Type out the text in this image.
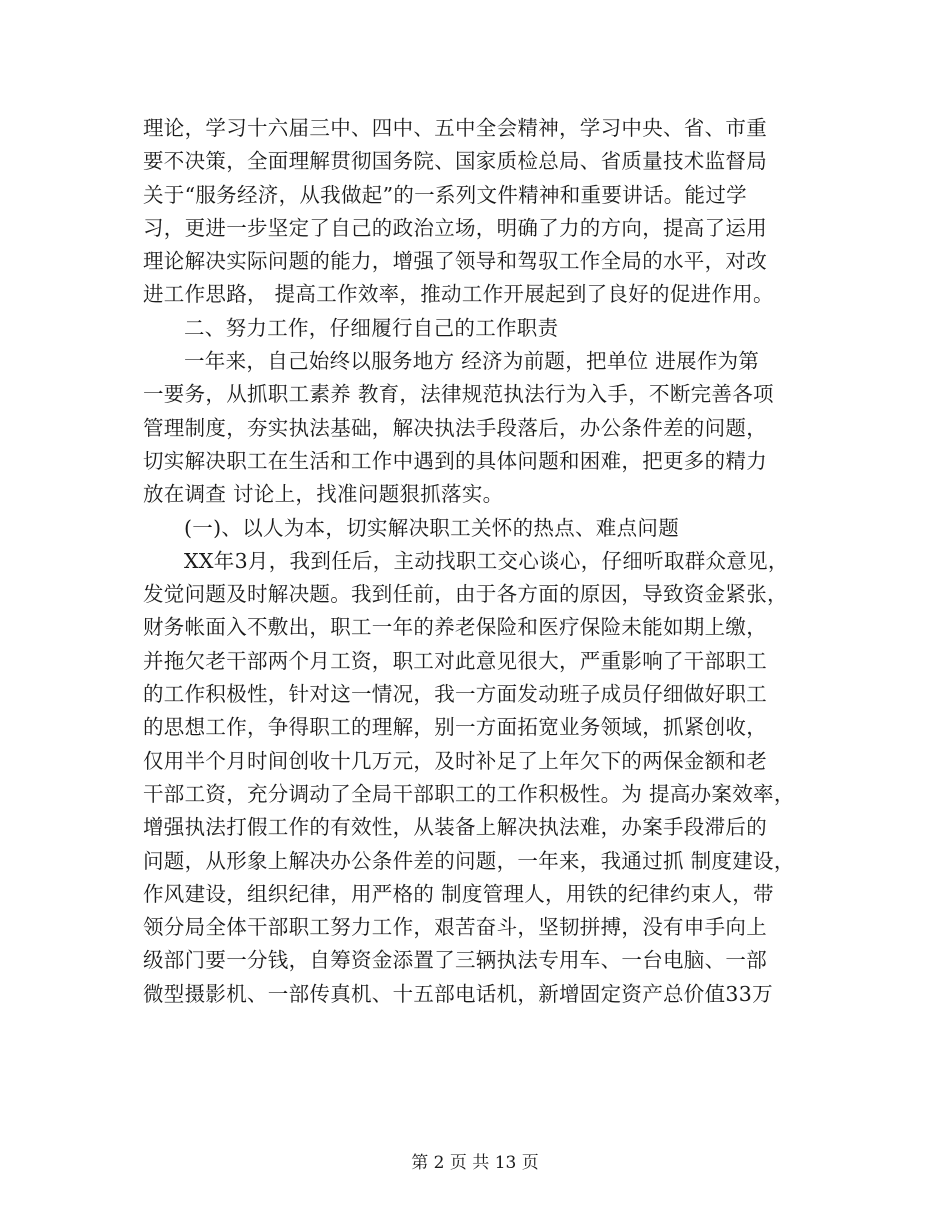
理论，学习十六届三中、四中、五中全会精神，学习中央、省、市重
要不决策，全面理解贯彻国务院、国家质检总局、省质量技术监督局
关于“服务经济，从我做起”的一系列文件精神和重要讲话。能过学
习，更进一步坚定了自己的政治立场，明确了力的方向，提高了运用
理论解决实际问题的能力，增强了领导和驾驭工作全局的水平，对改
进工作思路， 提高工作效率，推动工作开展起到了良好的促进作用。
二、努力工作，仔细履行自己的工作职责
一年来，自己始终以服务地方 经济为前题，把单位 进展作为第
一要务，从抓职工素养 教育，法律规范执法行为入手，不断完善各项
管理制度，夯实执法基础，解决执法手段落后，办公条件差的问题，
切实解决职工在生活和工作中遇到的具体问题和困难，把更多的精力
放在调查 讨论上，找准问题狠抓落实。
(一)、以人为本，切实解决职工关怀的热点、难点问题
XX年3月，我到任后，主动找职工交心谈心，仔细听取群众意见，
发觉问题及时解决题。我到任前，由于各方面的原因，导致资金紧张，
财务帐面入不敷出，职工一年的养老保险和医疗保险未能如期上缴，
并拖欠老干部两个月工资，职工对此意见很大，严重影响了干部职工
的工作积极性，针对这一情况，我一方面发动班子成员仔细做好职工
的思想工作，争得职工的理解，别一方面拓宽业务领域，抓紧创收，
仅用半个月时间创收十几万元，及时补足了上年欠下的两保金额和老
干部工资，充分调动了全局干部职工的工作积极性。为 提高办案效率，
增强执法打假工作的有效性，从装备上解决执法难，办案手段滞后的
问题，从形象上解决办公条件差的问题，一年来，我通过抓 制度建设，
作风建设，组织纪律，用严格的 制度管理人，用铁的纪律约束人，带
领分局全体干部职工努力工作，艰苦奋斗，坚韧拼搏，没有申手向上
级部门要一分钱，自筹资金添置了三辆执法专用车、一台电脑、一部
微型摄影机、一部传真机、十五部电话机，新增固定资产总价值33万
第 2 页 共 13 页
